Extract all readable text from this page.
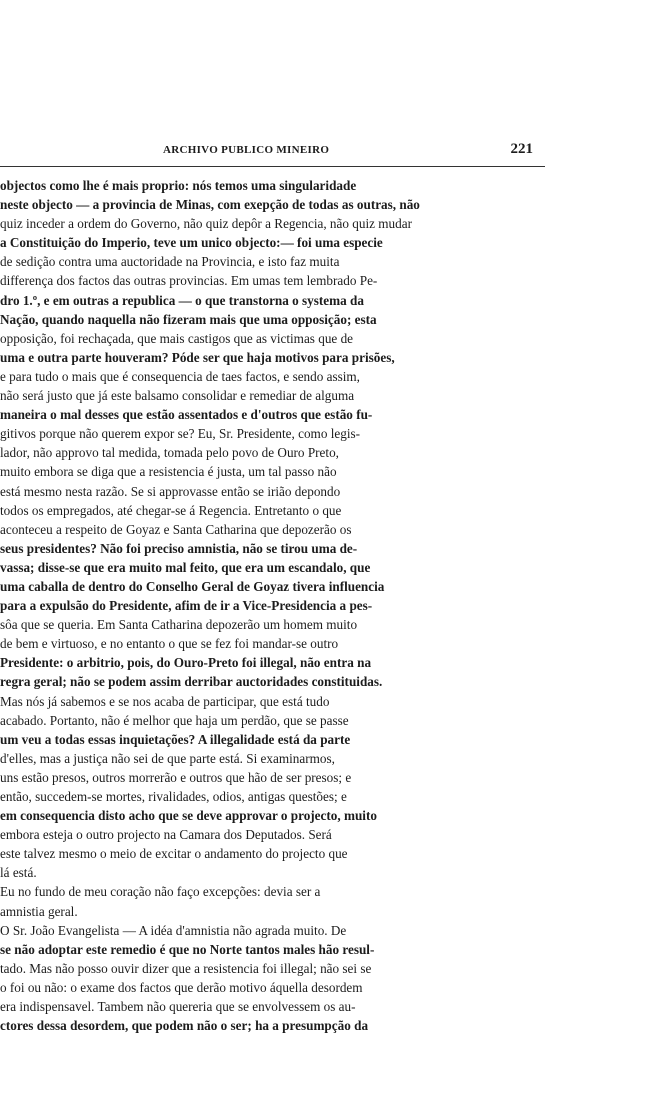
ARCHIVO PUBLICO MINEIRO	221
objectos como lhe é mais proprio: nós temos uma singularidade
neste objecto — a provincia de Minas, com exepção de todas as outras, não
quiz inceder a ordem do Governo, não quiz depôr a Regencia, não quiz mudar
a Constituição do Imperio, teve um unico objecto:— foi uma especie
de sedição contra uma auctoridade na Provincia, e isto faz muita
differença dos factos das outras provincias. Em umas tem lembrado Pe-
dro 1.º, e em outras a republica — o que transtorna o systema da
Nação, quando naquella não fizeram mais que uma opposição; esta
opposição, foi rechaçada, que mais castigos que as victimas que de
uma e outra parte houveram? Póde ser que haja motivos para prisões,
e para tudo o mais que é consequencia de taes factos, e sendo assim,
não será justo que já este balsamo consolidar e remediar de alguma
maneira o mal desses que estão assentados e d'outros que estão fu-
gitivos porque não querem expor se? Eu, Sr. Presidente, como legis-
lador, não approvo tal medida, tomada pelo povo de Ouro Preto,
muito embora se diga que a resistencia é justa, um tal passo não
está mesmo nesta razão. Se si approvasse então se irião depondo
todos os empregados, até chegar-se á Regencia. Entretanto o que
aconteceu a respeito de Goyaz e Santa Catharina que depozerão os
seus presidentes? Não foi preciso amnistia, não se tirou uma de-
vassa; disse-se que era muito mal feito, que era um escandalo, que
uma caballa de dentro do Conselho Geral de Goyaz tivera influencia
para a expulsão do Presidente, afim de ir a Vice-Presidencia a pes-
sôa que se queria. Em Santa Catharina depozerão um homem muito
de bem e virtuoso, e no entanto o que se fez foi mandar-se outro
Presidente: o arbitrio, pois, do Ouro-Preto foi illegal, não entra na
regra geral; não se podem assim derribar auctoridades constituidas.
Mas nós já sabemos e se nos acaba de participar, que está tudo
acabado. Portanto, não é melhor que haja um perdão, que se passe
um veu a todas essas inquietações? A illegalidade está da parte
d'elles, mas a justiça não sei de que parte está. Si examinarmos,
uns estão presos, outros morrerão e outros que hão de ser presos; e
então, succedem-se mortes, rivalidades, odios, antigas questões; e
em consequencia disto acho que se deve approvar o projecto, muito
embora esteja o outro projecto na Camara dos Deputados. Será
este talvez mesmo o meio de excitar o andamento do projecto que
lá está.
Eu no fundo de meu coração não faço excepções: devia ser a
amnistia geral.
O Sr. João Evangelista — A idéa d'amnistia não agrada muito. De
se não adoptar este remedio é que no Norte tantos males hão resul-
tado. Mas não posso ouvir dizer que a resistencia foi illegal; não sei se
o foi ou não: o exame dos factos que derão motivo áquella desordem
era indispensavel. Tambem não quereria que se envolvessem os au-
ctores dessa desordem, que podem não o ser; ha a presumpção da
